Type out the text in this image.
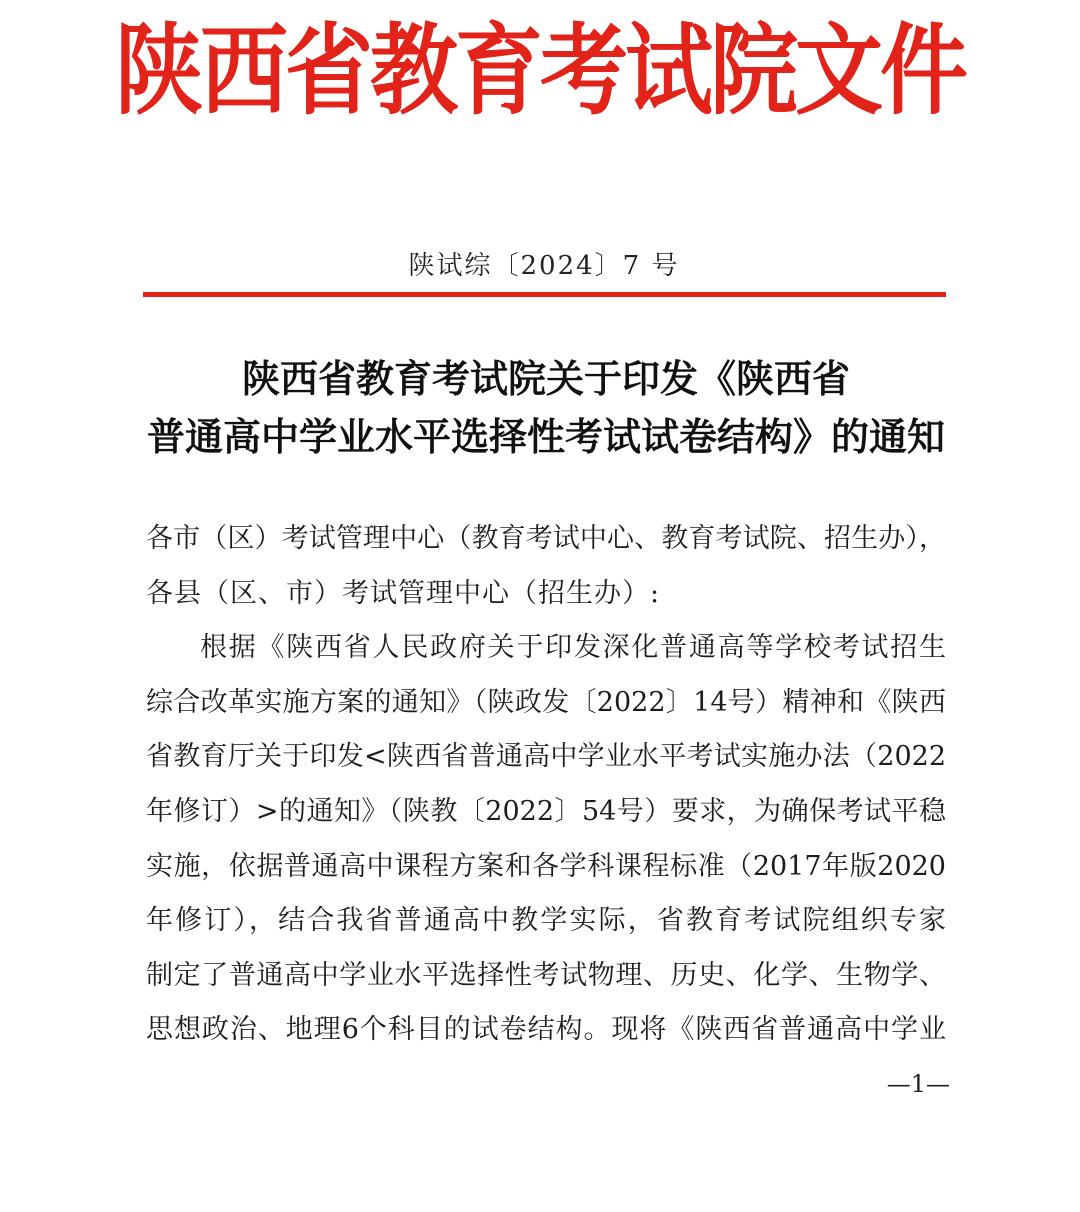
陕西省教育考试院文件
陕试综〔2024〕7 号
陕西省教育考试院关于印发《陕西省
普通高中学业水平选择性考试试卷结构》的通知
各市（区）考试管理中心（教育考试中心、教育考试院、招生办），
各县（区、市）考试管理中心（招生办）:
根据《陕西省人民政府关于印发深化普通高等学校考试招生
综合改革实施方案的通知》（陕政发〔2022〕14号）精神和《陕西
省教育厅关于印发<陕西省普通高中学业水平考试实施办法（2022
年修订）>的通知》（陕教〔2022〕54号）要求，为确保考试平稳
实施，依据普通高中课程方案和各学科课程标准（2017年版2020
年修订），结合我省普通高中教学实际，省教育考试院组织专家
制定了普通高中学业水平选择性考试物理、历史、化学、生物学、
思想政治、地理6个科目的试卷结构。现将《陕西省普通高中学业
—1—
